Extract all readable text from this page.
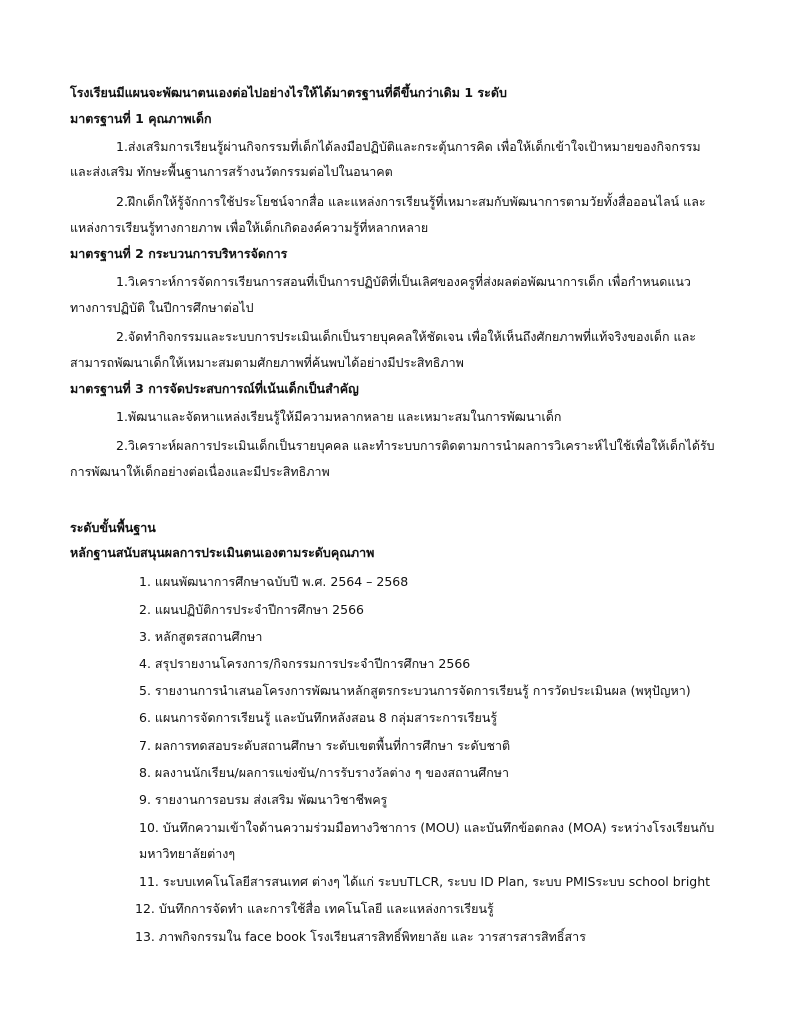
โรงเรียนมีแผนจะพัฒนาตนเองต่อไปอย่างไรให้ได้มาตรฐานที่ดีขึ้นกว่าเดิม 1 ระดับ
มาตรฐานที่ 1 คุณภาพเด็ก
1.ส่งเสริมการเรียนรู้ผ่านกิจกรรมที่เด็กได้ลงมือปฏิบัติและกระตุ้นการคิด เพื่อให้เด็กเข้าใจเป้าหมายของกิจกรรม
และส่งเสริม ทักษะพื้นฐานการสร้างนวัตกรรมต่อไปในอนาคต
2.ฝึกเด็กให้รู้จักการใช้ประโยชน์จากสื่อ และแหล่งการเรียนรู้ที่เหมาะสมกับพัฒนาการตามวัยทั้งสื่อออนไลน์ และ
แหล่งการเรียนรู้ทางกายภาพ เพื่อให้เด็กเกิดองค์ความรู้ที่หลากหลาย
มาตรฐานที่ 2 กระบวนการบริหารจัดการ
1.วิเคราะห์การจัดการเรียนการสอนที่เป็นการปฏิบัติที่เป็นเลิศของครูที่ส่งผลต่อพัฒนาการเด็ก เพื่อกำหนดแนว
ทางการปฏิบัติ ในปีการศึกษาต่อไป
2.จัดทำกิจกรรมและระบบการประเมินเด็กเป็นรายบุคคลให้ชัดเจน เพื่อให้เห็นถึงศักยภาพที่แท้จริงของเด็ก และ
สามารถพัฒนาเด็กให้เหมาะสมตามศักยภาพที่ค้นพบได้อย่างมีประสิทธิภาพ
มาตรฐานที่ 3 การจัดประสบการณ์ที่เน้นเด็กเป็นสำคัญ
1.พัฒนาและจัดหาแหล่งเรียนรู้ให้มีความหลากหลาย และเหมาะสมในการพัฒนาเด็ก
2.วิเคราะห์ผลการประเมินเด็กเป็นรายบุคคล และทำระบบการติดตามการนำผลการวิเคราะห์ไปใช้เพื่อให้เด็กได้รับ
การพัฒนาให้เด็กอย่างต่อเนื่องและมีประสิทธิภาพ
ระดับขั้นพื้นฐาน
หลักฐานสนับสนุนผลการประเมินตนเองตามระดับคุณภาพ
1. แผนพัฒนาการศึกษาฉบับปี พ.ศ. 2564 – 2568
2. แผนปฏิบัติการประจำปีการศึกษา 2566
3. หลักสูตรสถานศึกษา
4. สรุปรายงานโครงการ/กิจกรรมการประจำปีการศึกษา 2566
5. รายงานการนำเสนอโครงการพัฒนาหลักสูตรกระบวนการจัดการเรียนรู้ การวัดประเมินผล (พหุปัญหา)
6. แผนการจัดการเรียนรู้ และบันทึกหลังสอน 8 กลุ่มสาระการเรียนรู้
7. ผลการทดสอบระดับสถานศึกษา ระดับเขตพื้นที่การศึกษา ระดับชาติ
8. ผลงานนักเรียน/ผลการแข่งขัน/การรับรางวัลต่าง ๆ ของสถานศึกษา
9. รายงานการอบรม ส่งเสริม พัฒนาวิชาชีพครู
10. บันทึกความเข้าใจด้านความร่วมมือทางวิชาการ (MOU) และบันทึกข้อตกลง (MOA) ระหว่างโรงเรียนกับ
มหาวิทยาลัยต่างๆ
11. ระบบเทคโนโลยีสารสนเทศ ต่างๆ ได้แก่ ระบบTLCR, ระบบ ID Plan, ระบบ PMISระบบ school bright
12. บันทึกการจัดทำ และการใช้สื่อ เทคโนโลยี และแหล่งการเรียนรู้
13. ภาพกิจกรรมใน face book โรงเรียนสารสิทธิ์พิทยาลัย และ วารสารสารสิทธิ์สาร
